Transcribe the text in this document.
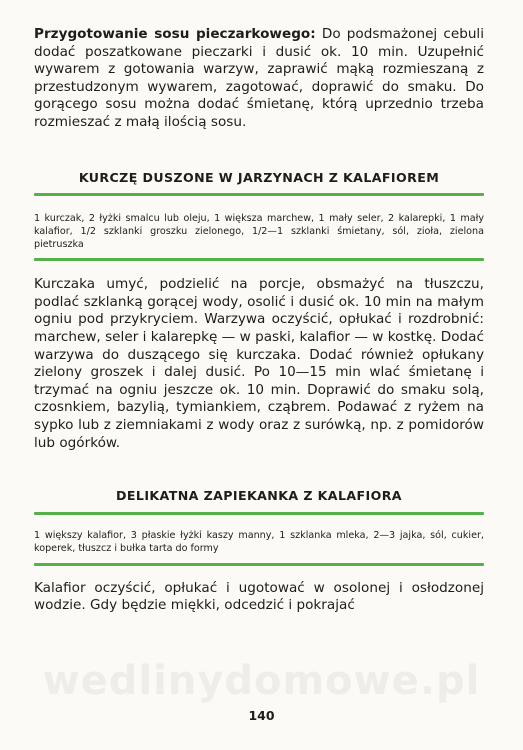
wedlinydomowe.pl

Przygotowanie sosu pieczarkowego: Do podsmażonej cebuli dodać poszatkowane pieczarki i dusić ok. 10 min. Uzupełnić wywarem z gotowania warzyw, zaprawić mąką rozmieszaną z przestudzonym wywarem, zagotować, doprawić do smaku. Do gorącego sosu można dodać śmietanę, którą uprzednio trzeba rozmieszać z małą ilością sosu.

KURCZĘ DUSZONE W JARZYNACH Z KALAFIOREM

1 kurczak, 2 łyżki smalcu lub oleju, 1 większa marchew, 1 mały seler, 2 kalarepki, 1 mały kalafior, 1/2 szklanki groszku zielonego, 1/2—1 szklanki śmietany, sól, zioła, zielona pietruszka

Kurczaka umyć, podzielić na porcje, obsmażyć na tłuszczu, podlać szklanką gorącej wody, osolić i dusić ok. 10 min na małym ogniu pod przykryciem. Warzywa oczyścić, opłukać i rozdrobnić: marchew, seler i kalarepkę — w paski, kalafior — w kostkę. Dodać warzywa do duszącego się kurczaka. Dodać również opłukany zielony groszek i dalej dusić. Po 10—15 min wlać śmietanę i trzymać na ogniu jeszcze ok. 10 min. Doprawić do smaku solą, czosnkiem, bazylią, tymiankiem, cząbrem. Podawać z ryżem na sypko lub z ziemniakami z wody oraz z surówką, np. z pomidorów lub ogórków.

DELIKATNA ZAPIEKANKA Z KALAFIORA

1 większy kalafior, 3 płaskie łyżki kaszy manny, 1 szklanka mleka, 2—3 jajka, sól, cukier, koperek, tłuszcz i bułka tarta do formy

Kalafior oczyścić, opłukać i ugotować w osolonej i osłodzonej wodzie. Gdy będzie miękki, odcedzić i pokrajać

140
